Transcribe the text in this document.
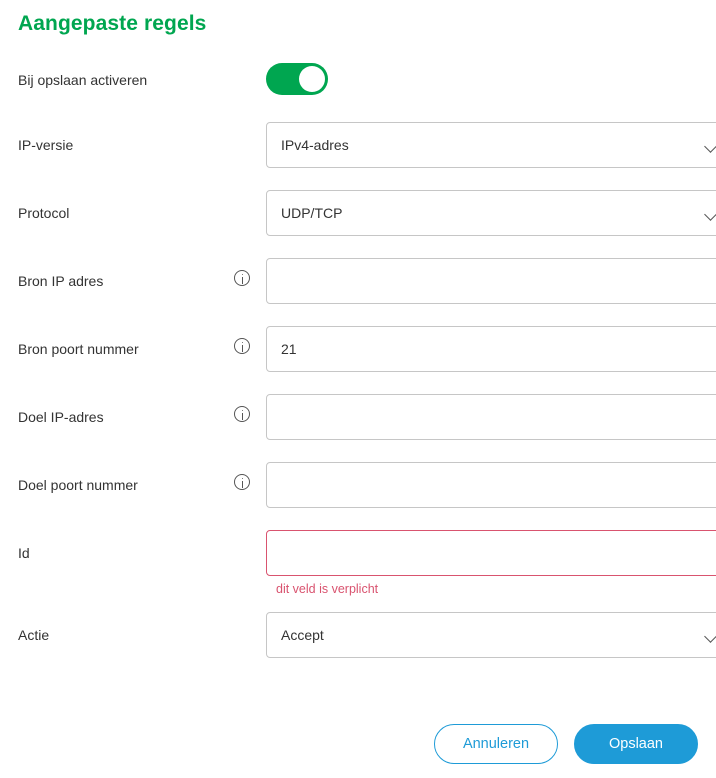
Aangepaste regels
Bij opslaan activeren
IP-versie
IPv4-adres
Protocol
UDP/TCP
Bron IP adres
Bron poort nummer
21
Doel IP-adres
Doel poort nummer
Id
dit veld is verplicht
Actie
Accept
Annuleren	Opslaan
